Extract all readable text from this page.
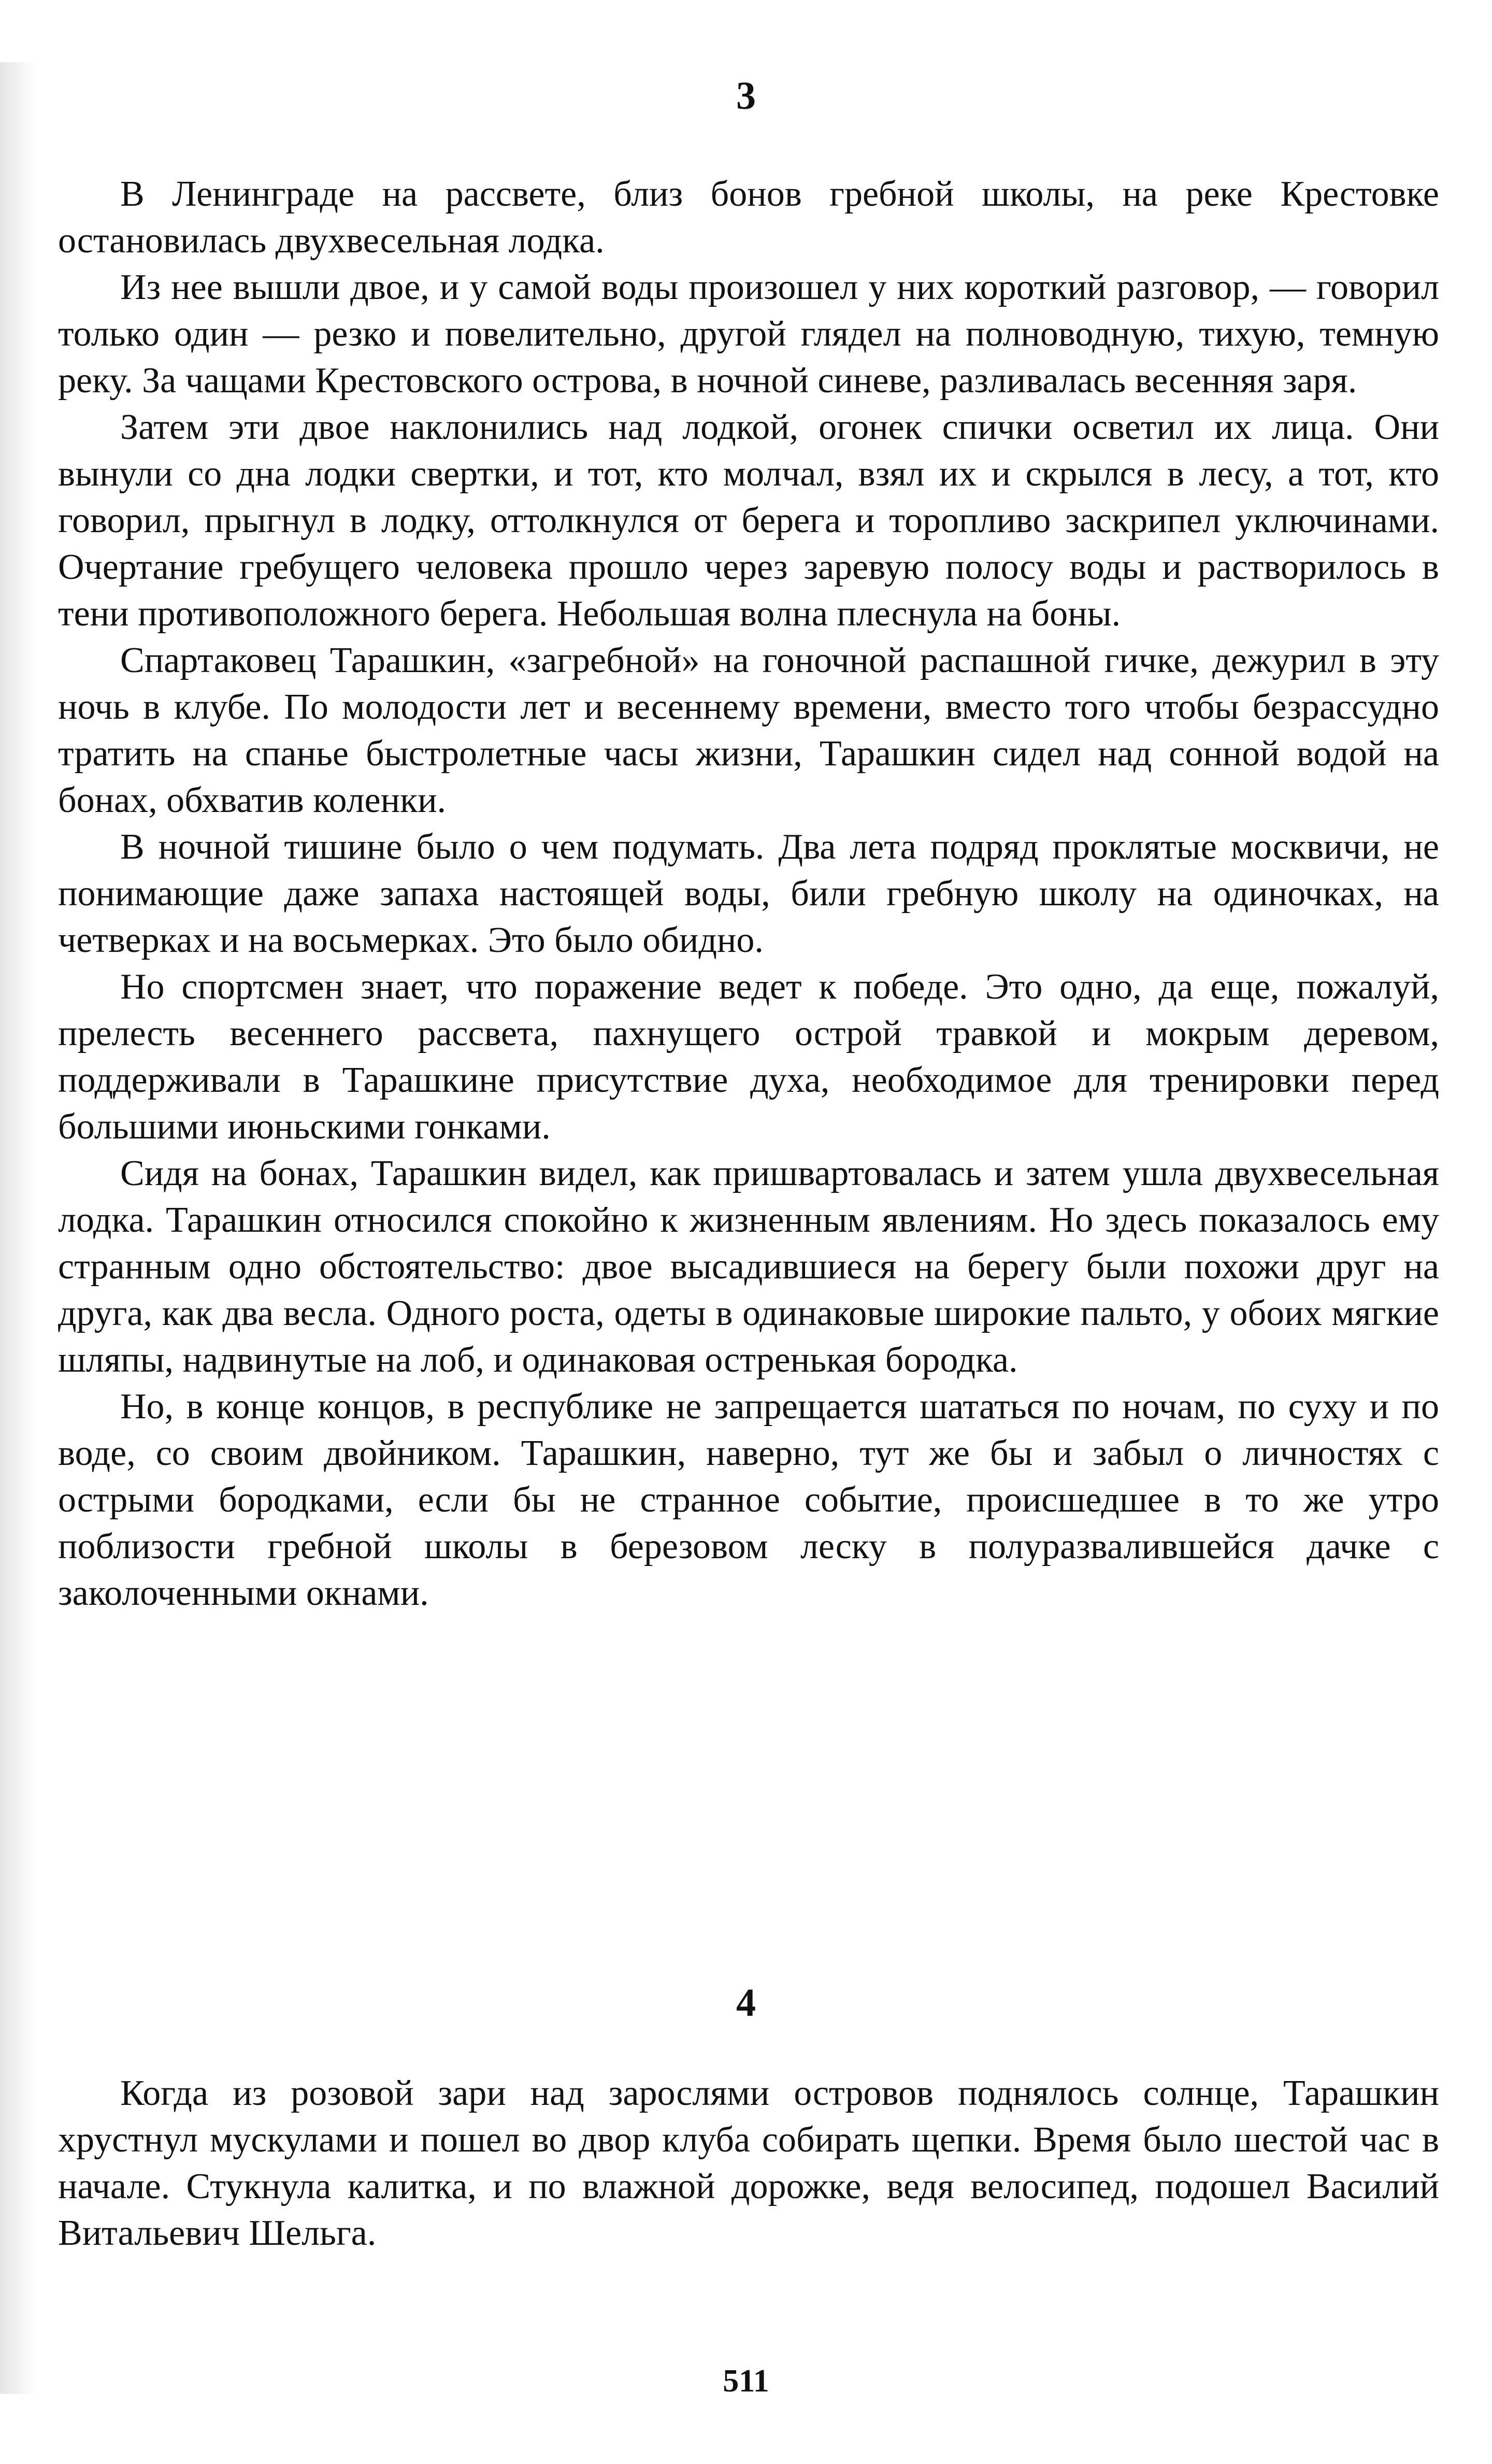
3

В Ленинграде на рассвете, близ бонов гребной школы, на реке Крестовке остановилась двухвесельная лодка.

Из нее вышли двое, и у самой воды произошел у них короткий разговор, — говорил только один — резко и повелительно, другой глядел на полноводную, тихую, темную реку. За чащами Крестовского острова, в ночной синеве, разливалась весенняя заря.

Затем эти двое наклонились над лодкой, огонек спички осветил их лица. Они вынули со дна лодки свертки, и тот, кто молчал, взял их и скрылся в лесу, а тот, кто говорил, прыгнул в лодку, оттолкнулся от берега и торопливо заскрипел уключинами. Очертание гребущего человека прошло через заревую полосу воды и растворилось в тени противоположного берега. Небольшая волна плеснула на боны.

Спартаковец Тарашкин, «загребной» на гоночной распашной гичке, дежурил в эту ночь в клубе. По молодости лет и весеннему времени, вместо того чтобы безрассудно тратить на спанье быстролетные часы жизни, Тарашкин сидел над сонной водой на бонах, обхватив коленки.

В ночной тишине было о чем подумать. Два лета подряд проклятые москвичи, не понимающие даже запаха настоящей воды, били гребную школу на одиночках, на четверках и на восьмерках. Это было обидно.

Но спортсмен знает, что поражение ведет к победе. Это одно, да еще, пожалуй, прелесть весеннего рассвета, пахнущего острой травкой и мокрым деревом, поддерживали в Тарашкине присутствие духа, необходимое для тренировки перед большими июньскими гонками.

Сидя на бонах, Тарашкин видел, как пришвартовалась и затем ушла двухвесельная лодка. Тарашкин относился спокойно к жизненным явлениям. Но здесь показалось ему странным одно обстоятельство: двое высадившиеся на берегу были похожи друг на друга, как два весла. Одного роста, одеты в одинаковые широкие пальто, у обоих мягкие шляпы, надвинутые на лоб, и одинаковая остренькая бородка.

Но, в конце концов, в республике не запрещается шататься по ночам, по суху и по воде, со своим двойником. Тарашкин, наверно, тут же бы и забыл о личностях с острыми бородками, если бы не странное событие, происшедшее в то же утро поблизости гребной школы в березовом леску в полуразвалившейся дачке с заколоченными окнами.

4

Когда из розовой зари над зарослями островов поднялось солнце, Тарашкин хрустнул мускулами и пошел во двор клуба собирать щепки. Время было шестой час в начале. Стукнула калитка, и по влажной дорожке, ведя велосипед, подошел Василий Витальевич Шельга.

511
